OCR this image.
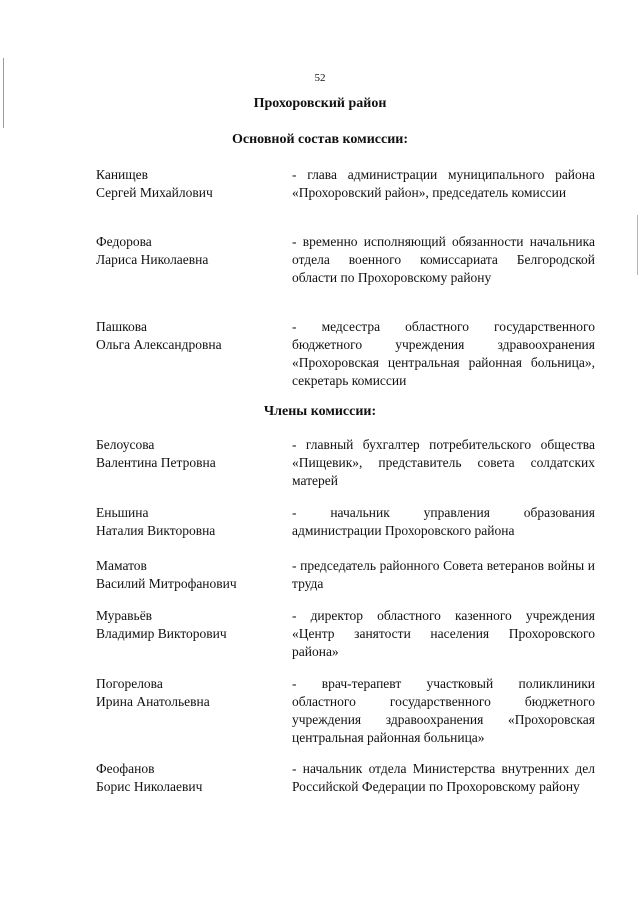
52
Прохоровский район
Основной состав комиссии:
Канищев
Сергей Михайлович
- глава администрации муниципального района «Прохоровский район», председатель комиссии
Федорова
Лариса Николаевна
- временно исполняющий обязанности начальника отдела военного комиссариата Белгородской области по Прохоровскому району
Пашкова
Ольга Александровна
- медсестра областного государственного бюджетного учреждения здравоохранения «Прохоровская центральная районная больница», секретарь комиссии
Члены комиссии:
Белоусова
Валентина Петровна
- главный бухгалтер потребительского общества «Пищевик», представитель совета солдатских матерей
Еньшина
Наталия Викторовна
- начальник управления образования администрации Прохоровского района
Маматов
Василий Митрофанович
- председатель районного Совета ветеранов войны и труда
Муравьёв
Владимир Викторович
- директор областного казенного учреждения «Центр занятости населения Прохоровского района»
Погорелова
Ирина Анатольевна
- врач-терапевт участковый поликлиники областного государственного бюджетного учреждения здравоохранения «Прохоровская центральная районная больница»
Феофанов
Борис Николаевич
- начальник отдела Министерства внутренних дел Российской Федерации по Прохоровскому району
